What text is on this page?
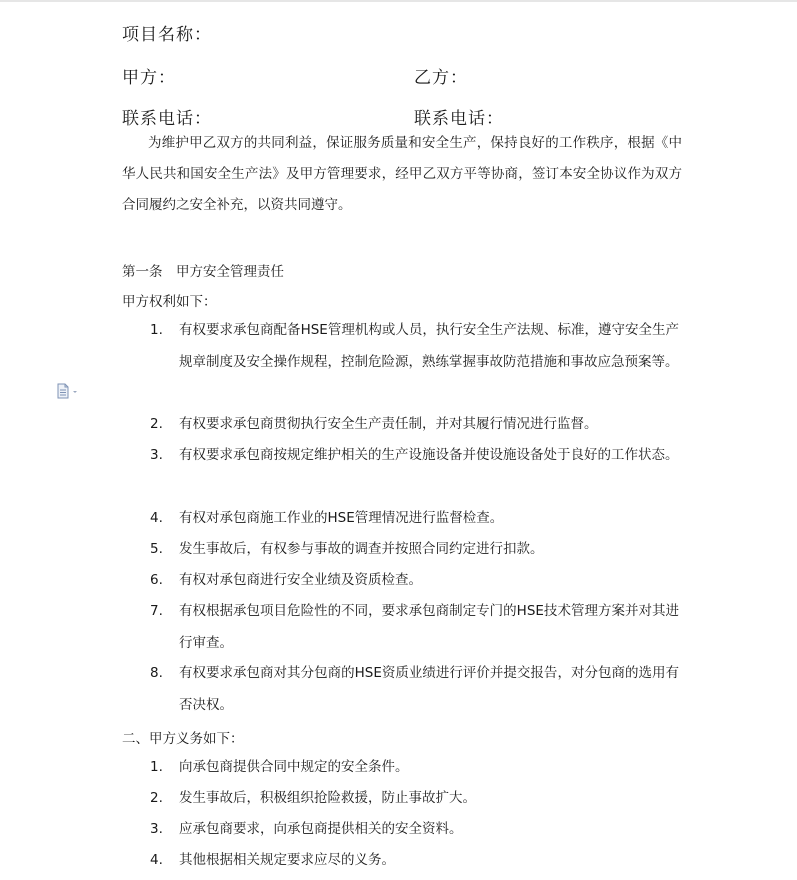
项目名称：
甲方：	乙方：
联系电话：	联系电话：
为维护甲乙双方的共同利益，保证服务质量和安全生产，保持良好的工作秩序，根据《中华人民共和国安全生产法》及甲方管理要求，经甲乙双方平等协商，签订本安全协议作为双方合同履约之安全补充，以资共同遵守。
第一条　甲方安全管理责任
甲方权利如下：
1. 有权要求承包商配备HSE管理机构或人员，执行安全生产法规、标准，遵守安全生产规章制度及安全操作规程，控制危险源，熟练掌握事故防范措施和事故应急预案等。
2. 有权要求承包商贯彻执行安全生产责任制，并对其履行情况进行监督。
3. 有权要求承包商按规定维护相关的生产设施设备并使设施设备处于良好的工作状态。
4. 有权对承包商施工作业的HSE管理情况进行监督检查。
5. 发生事故后，有权参与事故的调查并按照合同约定进行扣款。
6. 有权对承包商进行安全业绩及资质检查。
7. 有权根据承包项目危险性的不同，要求承包商制定专门的HSE技术管理方案并对其进行审查。
8. 有权要求承包商对其分包商的HSE资质业绩进行评价并提交报告，对分包商的选用有否决权。
二、甲方义务如下：
1. 向承包商提供合同中规定的安全条件。
2. 发生事故后，积极组织抢险救援，防止事故扩大。
3. 应承包商要求，向承包商提供相关的安全资料。
4. 其他根据相关规定要求应尽的义务。
